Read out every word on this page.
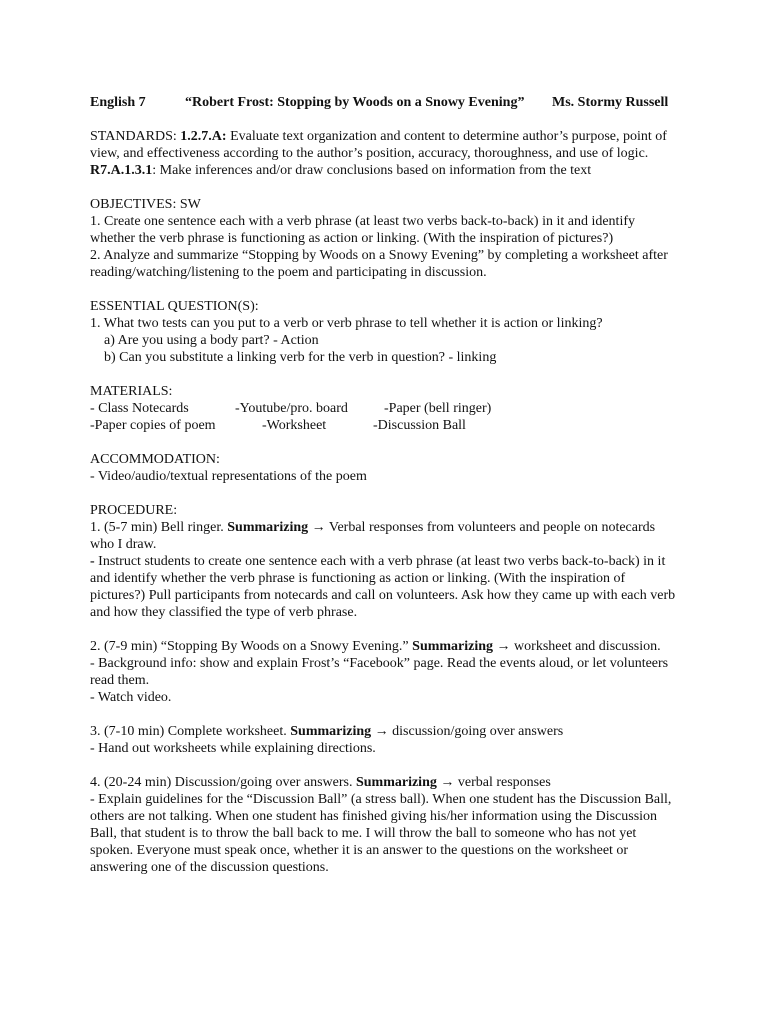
English 7	“Robert Frost: Stopping by Woods on a Snowy Evening”	Ms. Stormy Russell

STANDARDS: 1.2.7.A: Evaluate text organization and content to determine author’s purpose, point of view, and effectiveness according to the author’s position, accuracy, thoroughness, and use of logic.

R7.A.1.3.1: Make inferences and/or draw conclusions based on information from the text

OBJECTIVES: SW

1. Create one sentence each with a verb phrase (at least two verbs back-to-back) in it and identify whether the verb phrase is functioning as action or linking. (With the inspiration of pictures?)

2. Analyze and summarize “Stopping by Woods on a Snowy Evening” by completing a worksheet after reading/watching/listening to the poem and participating in discussion.

ESSENTIAL QUESTION(S):

1. What two tests can you put to a verb or verb phrase to tell whether it is action or linking?

a) Are you using a body part? - Action

b) Can you substitute a linking verb for the verb in question? - linking

MATERIALS:

- Class Notecards	-Youtube/pro. board	-Paper (bell ringer)
-Paper copies of poem	-Worksheet	-Discussion Ball

ACCOMMODATION:

- Video/audio/textual representations of the poem

PROCEDURE:

1. (5-7 min) Bell ringer. Summarizing → Verbal responses from volunteers and people on notecards who I draw.

- Instruct students to create one sentence each with a verb phrase (at least two verbs back-to-back) in it and identify whether the verb phrase is functioning as action or linking. (With the inspiration of pictures?) Pull participants from notecards and call on volunteers. Ask how they came up with each verb and how they classified the type of verb phrase.

2. (7-9 min) “Stopping By Woods on a Snowy Evening.” Summarizing → worksheet and discussion.

- Background info: show and explain Frost’s “Facebook” page. Read the events aloud, or let volunteers read them.

- Watch video.

3. (7-10 min) Complete worksheet. Summarizing → discussion/going over answers

- Hand out worksheets while explaining directions.

4. (20-24 min) Discussion/going over answers. Summarizing → verbal responses

- Explain guidelines for the “Discussion Ball” (a stress ball). When one student has the Discussion Ball, others are not talking. When one student has finished giving his/her information using the Discussion Ball, that student is to throw the ball back to me. I will throw the ball to someone who has not yet spoken. Everyone must speak once, whether it is an answer to the questions on the worksheet or answering one of the discussion questions.
